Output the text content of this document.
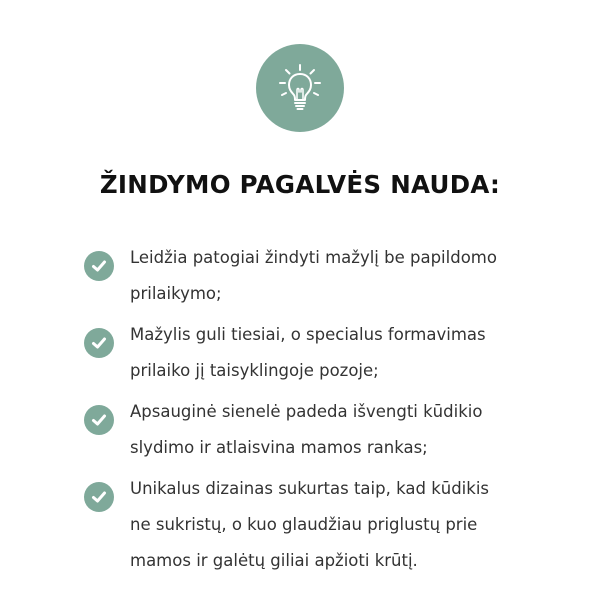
ŽINDYMO PAGALVĖS NAUDA:
Leidžia patogiai žindyti mažylį be papildomo
prilaikymo;
Mažylis guli tiesiai, o specialus formavimas
prilaiko jį taisyklingoje pozoje;
Apsauginė sienelė padeda išvengti kūdikio
slydimo ir atlaisvina mamos rankas;
Unikalus dizainas sukurtas taip, kad kūdikis
ne sukristų, o kuo glaudžiau priglustų prie
mamos ir galėtų giliai apžioti krūtį.
